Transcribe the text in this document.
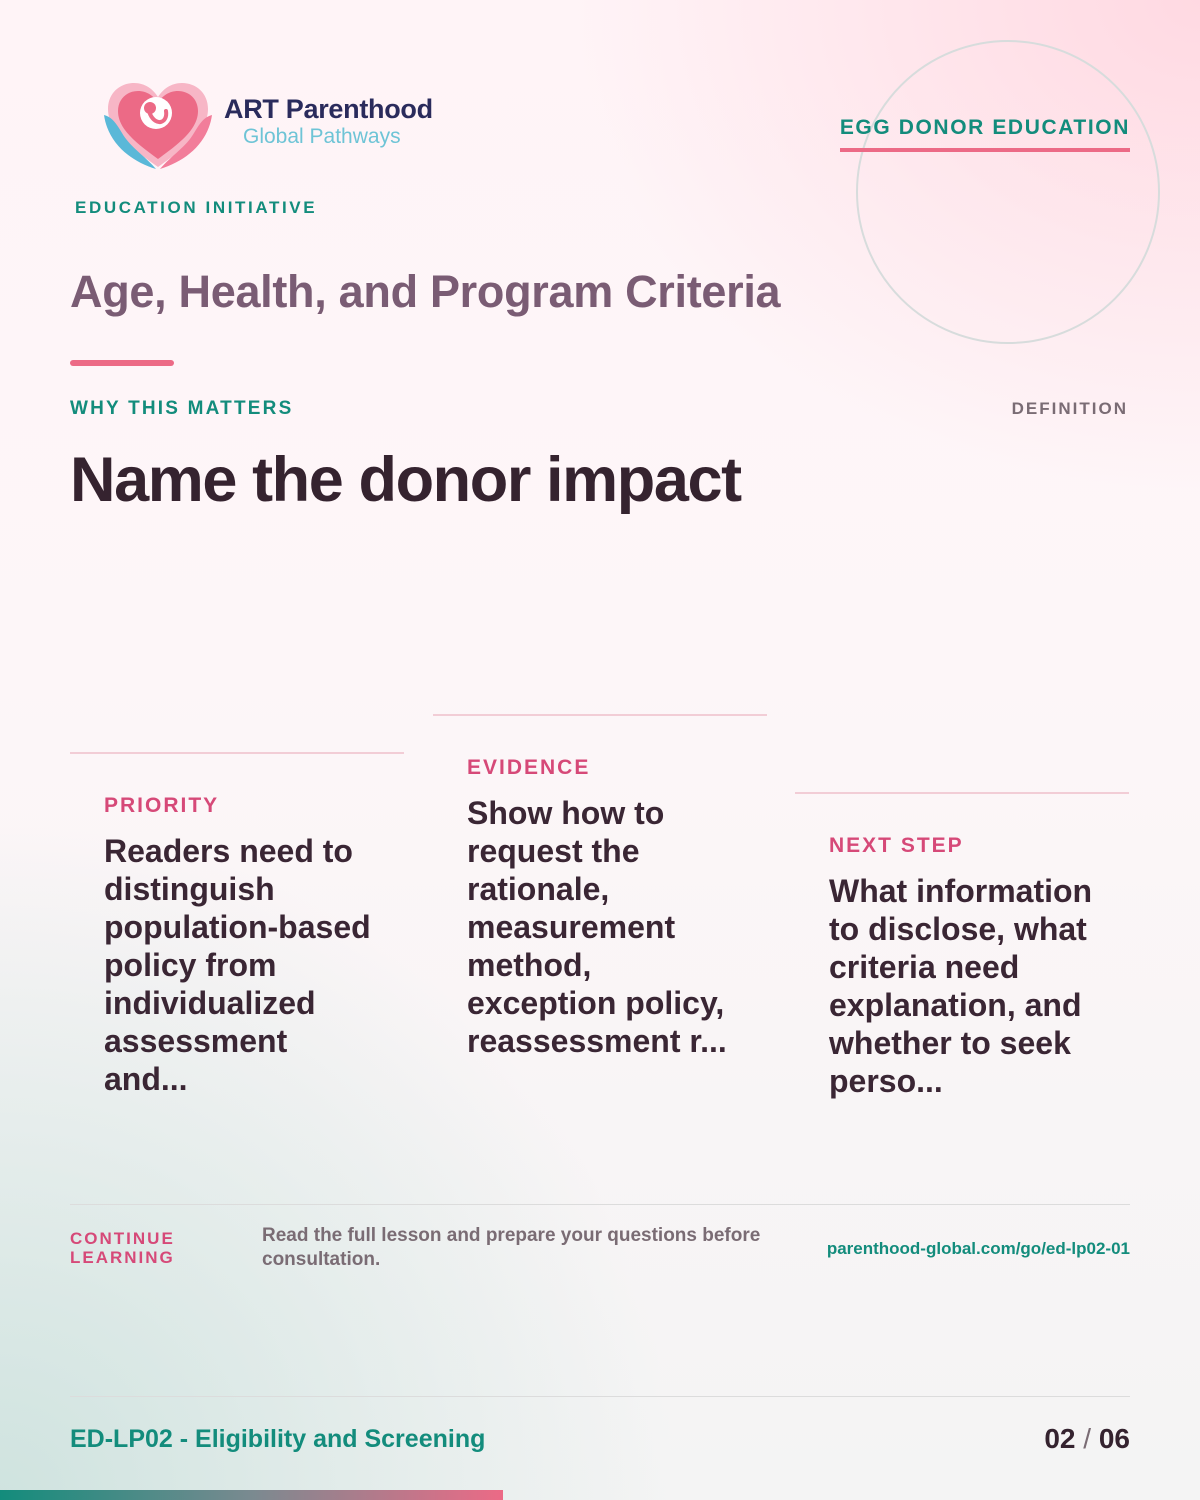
ART Parenthood
Global Pathways
EDUCATION INITIATIVE
EGG DONOR EDUCATION
Age, Health, and Program Criteria
WHY THIS MATTERS	DEFINITION
Name the donor impact
PRIORITY
Readers need to distinguish population-based policy from individualized assessment and...
EVIDENCE
Show how to request the rationale, measurement method, exception policy, reassessment r...
NEXT STEP
What information to disclose, what criteria need explanation, and whether to seek perso...
CONTINUE LEARNING
Read the full lesson and prepare your questions before consultation.
parenthood-global.com/go/ed-lp02-01
ED-LP02 - Eligibility and Screening	02 / 06
